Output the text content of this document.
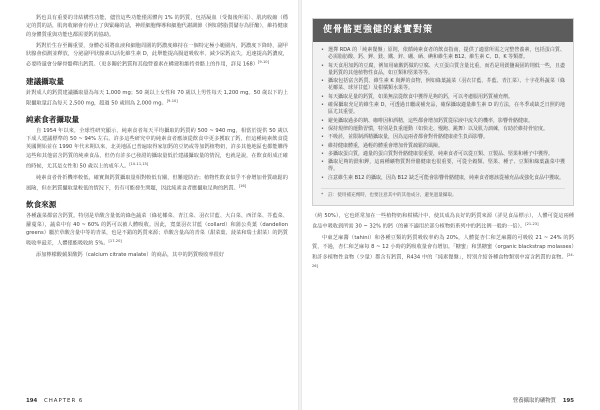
鈣也具有重要的非結構性功能，儘管這些功能僅需體內 1% 的鈣質，包括凝血（受傷後所需）、肌肉收縮（穩定的質的話，肌肉收縮會有停止了與緊繃的話，神經細胞傳導和細胞代謝調節（例如將脂質儲存為肝醣），維持健康的身體質重與功能也都需要鈣的協助。

鈣對於生存至關重要，身體必須將血液和細胞周圍的鈣濃度維持在一個特定極小範圍內，鈣濃度下降時，副甲狀腺會偵測並釋放，分泌副甲狀腺素以活化維生素 D，此舉能提高腸道吸收率、減少尿鈣流失，迅速提高鈣濃度，必要時還會分解骨骼釋出鈣質。（更多關於鈣質和其他營養素在構建和維持骨骼上的作用，詳見 168）[9-10]

建議攝取量

針對成人的鈣質建議攝取量為每天 1,000 mg；50 歲以上女性和 70 歲以上男性每天 1,200 mg。50 歲以下的上限攝取量訂為每天 2,500 mg，超過 50 歲則為 2,000 mg。[9-10]

純素食者攝取量

自 1954 年以來，全球性研究顯示，純素食者每天平均攝取的鈣質約 500 ~ 940 mg，相當於提供 50 歲以下成人建議標準的 50 ~ 94% 左右。許多這些研究中的純素食者應該從飲食中更多獲取了鈣，但這種純素飲食從英國開始並在 1990 年代末期以來，北美地區已普遍取得家加鈣的豆奶或等加鈣植物奶，許多其他地區也都能購得這些和其他富含鈣質的純素食品，但仍有許多已發證的攝取量低於建議攝取量的情況，也就是說，在飲食組成正確的時候，尤其是女性和 50 歲以上的成年人。[10-11,15]

純素食者骨折機率較低，確實與鈣質攝取量相對較低有關，但難遊防治；植物性飲食似乎不會增加骨質疏鬆的風險，但在鈣質攝取量較低的情況下，仍有可能發生問題，因此純素食者應攝取足夠的鈣質。[16]

飲食來源

各種蔬菜都富含鈣質。特別是草酸含量低的綠色蔬菜（綠花椰菜、青江菜、羽衣甘藍、大白菜、西洋菜、芥藍菜、蘿蔓菜），蔬菜中有 40 ~ 60% 的鈣可以被人體吸收。因此，寬葉羽衣甘藍（collard）和蒲公英葉（dandelion greens）屬於草酸含量中等的青菜，也是不錯的鈣質來源；草酸含量高的青菜（甜菜葉、菠菜和瑞士甜菜）的鈣質吸收率最差，人體僅能吸收約 5%。[17-20]

添加檸檬酸蘋果酸鈣（calcium citrate malate）的商品，其中的鈣質吸收率很好

使骨骼更強健的素實對策
• 選擇 RDA 的「純素餐盤」原則，依循純素食者的飲食指南，提供了適當所需之完整營養素，包括蛋白質、必需脂肪酸、鈣、鉀、鎂、鐵、鋅、硼、硒、碘和維生素 B12、維生素 C、D、K 等類群。
• 每天食用加鈣的豆腐，例如用硫酸鈣做的豆腐、大豆蛋白質含量比重，而若是用鎂鹽凝固的則低一些，且盡量鈣質的其他植物性食品，如豆類和堅果等等。
• 攝取包括富含鈣質、維生素 K 與鉀的食物，例如綠葉蔬菜（羽衣甘藍、芥藍、青江菜）、十字花科蔬菜（綠花椰菜、球芽甘藍）及柑橘類水果等。
• 每天攝取足量的鈣質，如果無法從飲食中獲得足夠的鈣，可以考慮服用鈣質補充劑。
• 確保攝取充足的維生素 D，可透過日曬或補充品，確保攝取適量維生素 D 的方法，在冬季或缺乏日照的地區尤其重要。
• 避免攝取過多的鈉、咖啡因和酒精，這些都會增加鈣質從尿液中流失的機率，影響骨骼健康。
• 保持規律的運動習慣，特別是負重運動（如快走、慢跑、跳舞）以及肌力訓練，有助於維持骨密度。
• 不吸菸，並限制酒精攝取量，因為這兩者都會對骨骼健康產生負面影響。
• 維持健康體重，過輕的體重會增加骨質疏鬆的風險。
• 多攝取蛋白質，適量的蛋白質對骨骼健康很重要，純素食者可以從豆類、豆製品、堅果和種子中獲得。
• 攝取足夠的鎂和鉀，這兩種礦物質對骨骼健康也很重要，可從全穀類、堅果、種子、豆類和綠葉蔬菜中獲得。
• 注意維生素 B12 的攝取，因為 B12 缺乏可能會影響骨骼健康，純素食者應該從補充品或強化食品中獲取。
* 註：使用補充劑時，也要注意其中的其他成分，避免過量攝取。

（約 50%），它也經常加在一些植物奶和柑橘汁中，使其成為良好的鈣質來源（詳見食品標示），人體可從這兩種食品中吸收到所需 30 ~ 32% 的鈣（的確不適用於部分植物奶系列中的鈣比例一般約一倍）。[21-23]

中東芝麻醬（tahini）和各種豆類的鈣質吸收率約為 20%，人體從杏仁和芝麻醬的可吸收 21 ~ 24% 的鈣質，不過，杏仁和芝麻每 8 ~ 12 小時的鈣吸收量會有增加。「糖蜜」和黑糖蜜（organic blackstrap molasses）和許多植物性食物（少量）都含有鈣質，R434 中的「純素餐盤」，特別介紹各種食物類別中富含鈣質的食物。[24-26]

194 CHAPTER 6	營養攝取的礦物質 195
